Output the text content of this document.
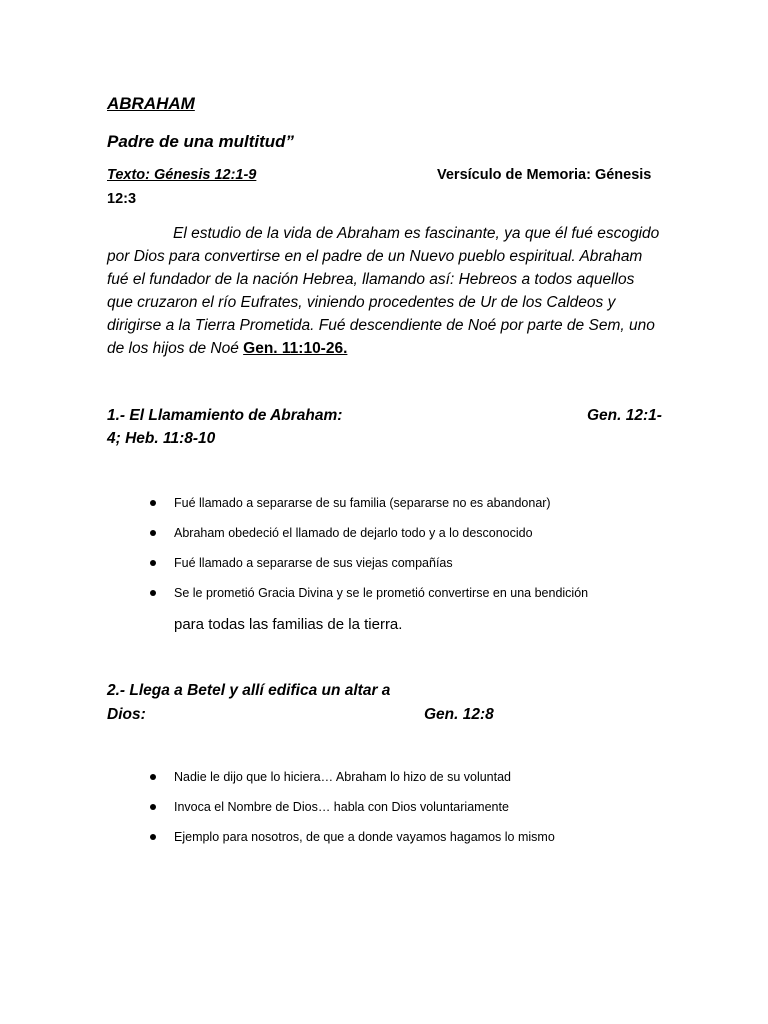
ABRAHAM
Padre de una multitud”
Texto: Génesis 12:1-9	Versículo de Memoria: Génesis
12:3
El estudio de la vida de Abraham es fascinante, ya que él fué escogido
por Dios para convertirse en el padre de un Nuevo pueblo espiritual. Abraham
fué el fundador de la nación Hebrea, llamando así: Hebreos a todos aquellos
que cruzaron el río Eufrates, viniendo procedentes de Ur de los Caldeos y
dirigirse a la Tierra Prometida. Fué descendiente de Noé por parte de Sem, uno
de los hijos de Noé Gen. 11:10-26.
1.- El Llamamiento de Abraham:	Gen. 12:1-
4; Heb. 11:8-10
Fué llamado a separarse de su familia (separarse no es abandonar)
Abraham obedeció el llamado de dejarlo todo y a lo desconocido
Fué llamado a separarse de sus viejas compañías
Se le prometió Gracia Divina y se le prometió convertirse en una bendición
para todas las familias de la tierra.
2.- Llega a Betel y allí edifica un altar a
Dios:	Gen. 12:8
Nadie le dijo que lo hiciera… Abraham lo hizo de su voluntad
Invoca el Nombre de Dios… habla con Dios voluntariamente
Ejemplo para nosotros, de que a donde vayamos hagamos lo mismo
